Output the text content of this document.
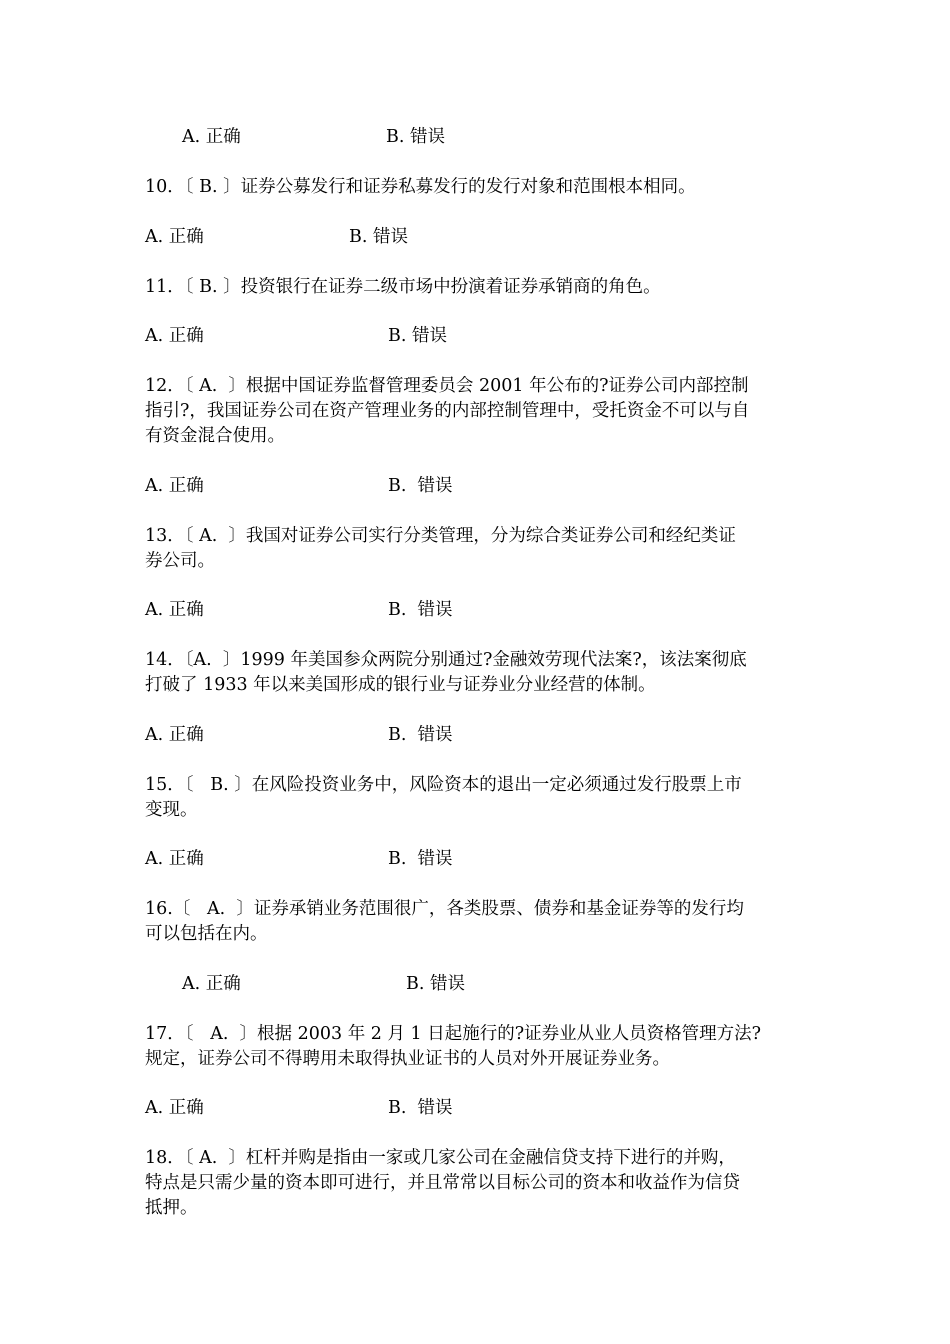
A. 正确	B. 错误
10．〔 B. 〕证券公募发行和证券私募发行的发行对象和范围根本相同。
A. 正确	B. 错误
11．〔 B. 〕投资银行在证券二级市场中扮演着证券承销商的角色。
A. 正确	B. 错误
12．〔 A.  〕根据中国证券监督管理委员会 2001 年公布的?证券公司内部控制
指引?，我国证券公司在资产管理业务的内部控制管理中，受托资金不可以与自
有资金混合使用。
A. 正确	B.  错误
13．〔 A.  〕我国对证券公司实行分类管理，分为综合类证券公司和经纪类证
券公司。
A. 正确	B.  错误
14．〔A.  〕1999 年美国参众两院分别通过?金融效劳现代法案?，该法案彻底
打破了 1933 年以来美国形成的银行业与证券业分业经营的体制。
A. 正确	B.  错误
15．〔   B. 〕在风险投资业务中，风险资本的退出一定必须通过发行股票上市
变现。
A. 正确	B.  错误
16.〔   A.  〕证券承销业务范围很广，各类股票、债券和基金证券等的发行均
可以包括在内。
A. 正确	B. 错误
17．〔   A.  〕根据 2003 年 2 月 1 日起施行的?证券业从业人员资格管理方法?
规定，证券公司不得聘用未取得执业证书的人员对外开展证券业务。
A. 正确	B.  错误
18．〔 A.  〕杠杆并购是指由一家或几家公司在金融信贷支持下进行的并购，
特点是只需少量的资本即可进行，并且常常以目标公司的资本和收益作为信贷
抵押。
